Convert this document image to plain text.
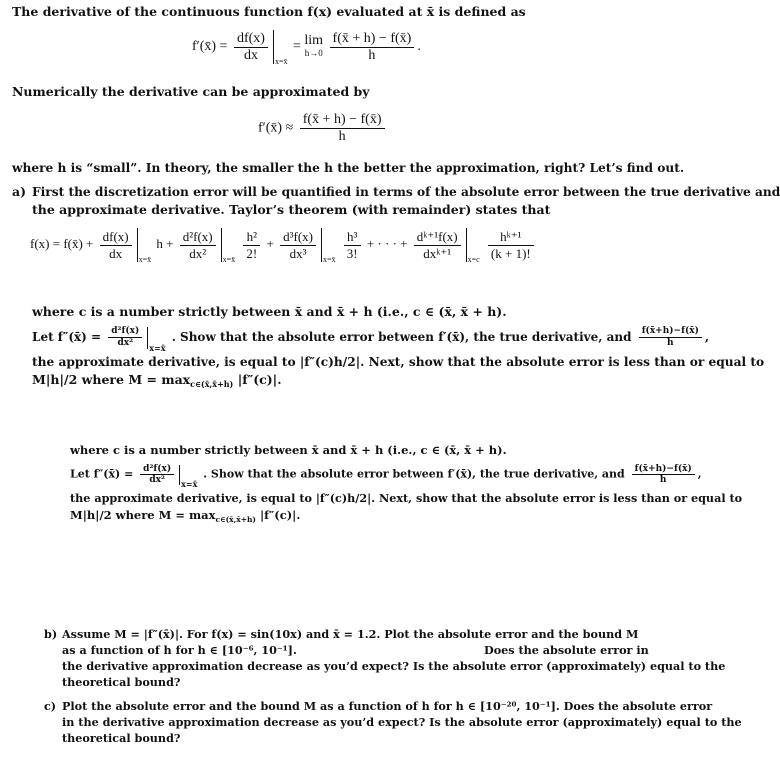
The derivative of the continuous function f(x) evaluated at x̄ is defined as
f′(x̄) = $\frac{df(x)}{dx} _{x=x̄} = \lim$
h→0
$\frac{f(x̄ + h) - f(x̄)}{h}$ .
Numerically the derivative can be approximated by
f′(x̄) ≈ $\frac{f(x̄ + h) - f(x̄)}{h}$
where h is “small”. In theory, the smaller the h the better the approximation, right? Let’s find out.
a) First the discretization error will be quantified in terms of the absolute error between the true derivative and
the approximate derivative. Taylor’s theorem (with remainder) states that
f(x) = f(x̄) + $\frac{df(x)}{dx} _{x=x̄}$ $h + \frac{\text{d²f(x)}}{\text{dx²}} _{x=x̄} \frac{\text{h²}}{2!} + \frac{\text{d³f(x)}}{\text{dx³}} _{x=x̄} \frac{\text{h³}}{3!}$ + · · · + $\frac{\text{dᵏ⁺¹f(x)}}{\text{dxᵏ⁺¹}} _{x=c} \frac{\text{hᵏ⁺¹}}{(k + 1)!}$
where c is a number strictly between x̄ and x̄ + h (i.e., c ∈ (x̄, x̄ + h).
Let f″(x̄) = $\frac{\text{d²f(x)}}{\text{dx²}} _{x=x̄}$ . Show that the absolute error between f′(x̄), the true derivative, and $\frac{f(x̄+h)-f(x̄)}{h}$ ,
the approximate derivative, is equal to |f″(c)h/2|. Next, show that the absolute error is less than or equal to
M|h|/2 where $M = \max_{c\in(x̄,x̄+h)} |f''(c)|$.
where c is a number strictly between x̄ and x̄ + h (i.e., c ∈ (x̄, x̄ + h).
Let f″(x̄) = $\frac{\text{d²f(x)}}{\text{dx²}} _{x=x̄}$ . Show that the absolute error between f′(x̄), the true derivative, and $\frac{f(x̄+h)-f(x̄)}{h}$ ,
the approximate derivative, is equal to |f″(c)h/2|. Next, show that the absolute error is less than or equal to
M|h|/2 where $M = \max_{c\in(x̄,x̄+h)} |f''(c)|$.
b) Assume M = |f″(x̄)|. For f(x) = sin(10x) and x̄ = 1.2. Plot the absolute error and the bound M
as a function of h for h ∈ [10⁻⁶, 10⁻¹].	Does the absolute error in
the derivative approximation decrease as you’d expect? Is the absolute error (approximately) equal to the
theoretical bound?
c) Plot the absolute error and the bound M as a function of h for h ∈ [10⁻²⁰, 10⁻¹]. Does the absolute error
in the derivative approximation decrease as you’d expect? Is the absolute error (approximately) equal to the
theoretical bound?
